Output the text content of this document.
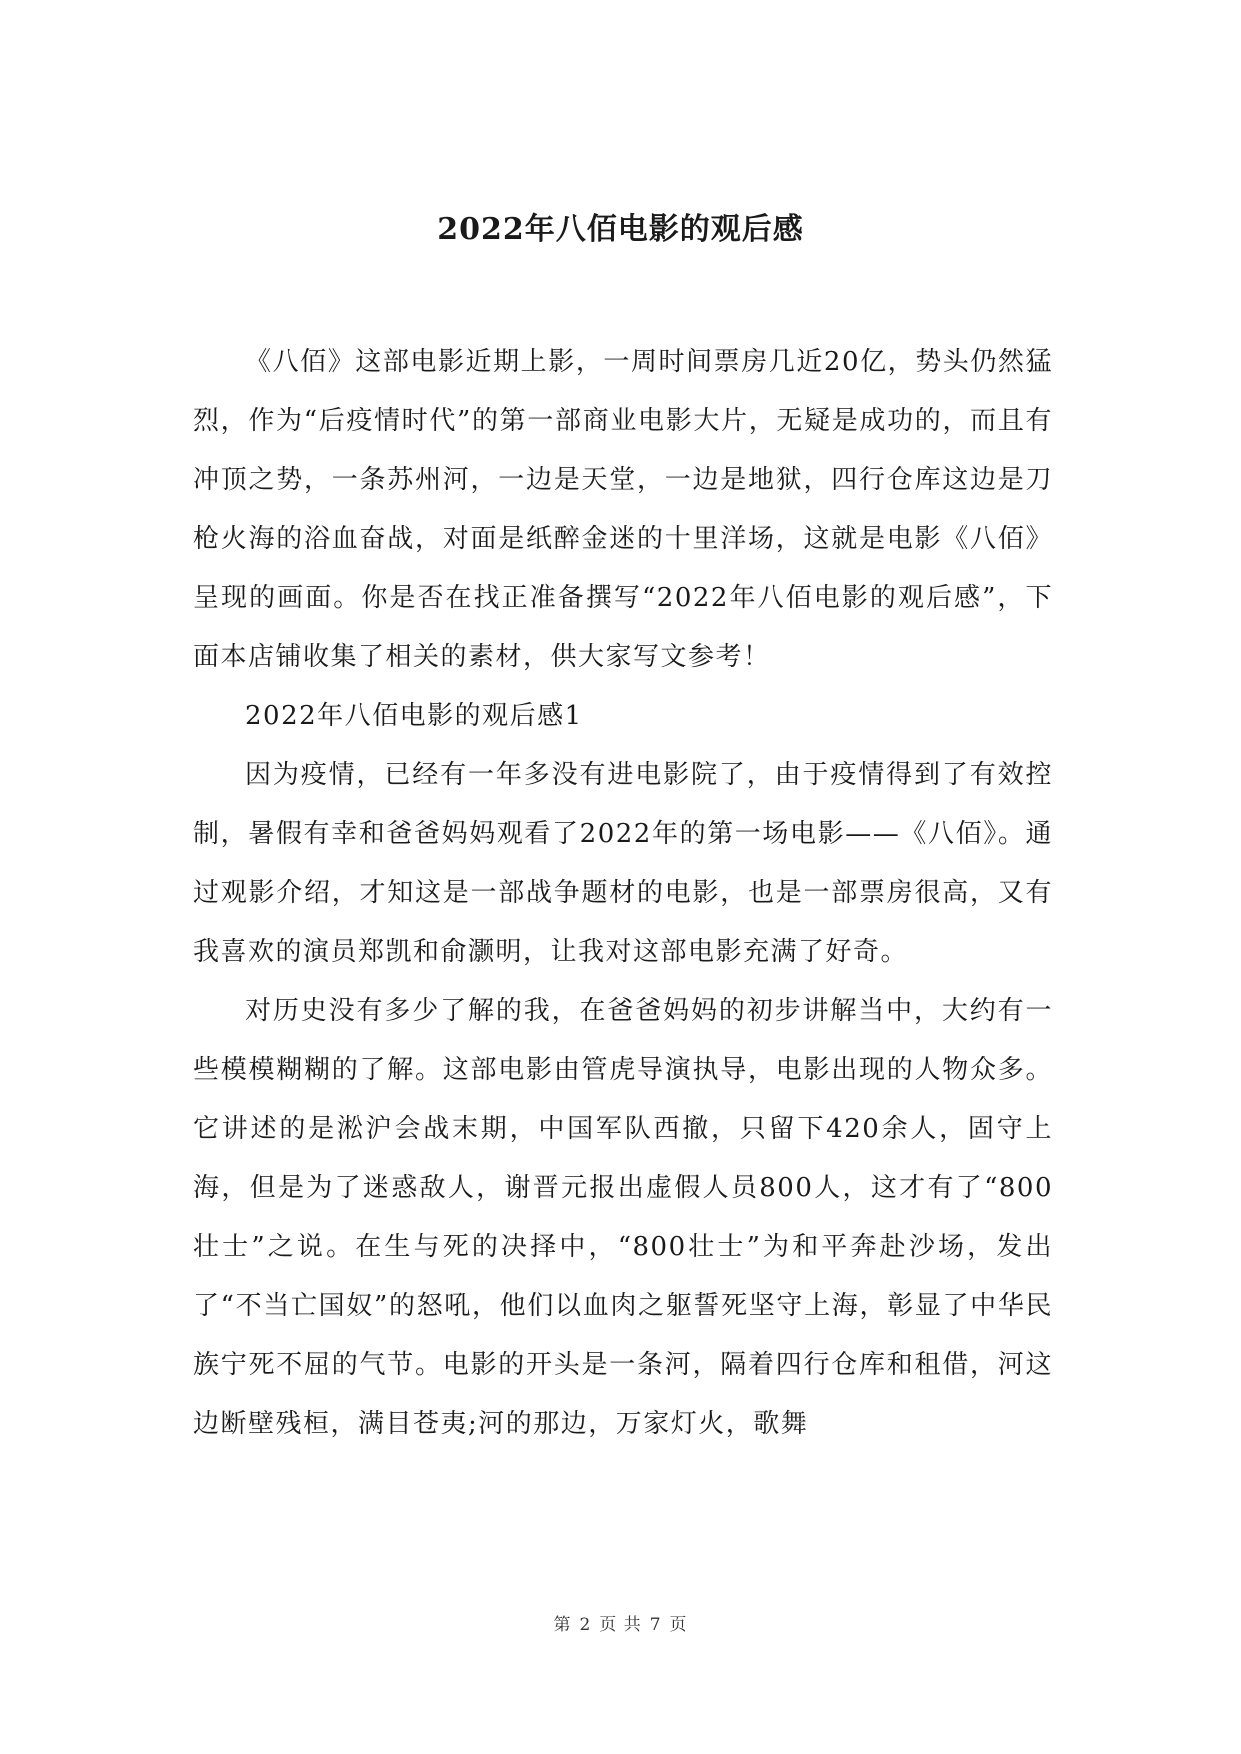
2022年八佰电影的观后感

《八佰》这部电影近期上影，一周时间票房几近20亿，势头仍然猛烈，作为“后疫情时代”的第一部商业电影大片，无疑是成功的，而且有冲顶之势，一条苏州河，一边是天堂，一边是地狱，四行仓库这边是刀枪火海的浴血奋战，对面是纸醉金迷的十里洋场，这就是电影《八佰》呈现的画面。你是否在找正准备撰写“2022年八佰电影的观后感”，下面本店铺收集了相关的素材，供大家写文参考！

2022年八佰电影的观后感1

因为疫情，已经有一年多没有进电影院了，由于疫情得到了有效控制，暑假有幸和爸爸妈妈观看了2022年的第一场电影——《八佰》。通过观影介绍，才知这是一部战争题材的电影，也是一部票房很高，又有我喜欢的演员郑凯和俞灏明，让我对这部电影充满了好奇。

对历史没有多少了解的我，在爸爸妈妈的初步讲解当中，大约有一些模模糊糊的了解。这部电影由管虎导演执导，电影出现的人物众多。它讲述的是淞沪会战末期，中国军队西撤，只留下420余人，固守上海，但是为了迷惑敌人，谢晋元报出虚假人员800人，这才有了“800壮士”之说。在生与死的决择中，“800壮士”为和平奔赴沙场，发出了“不当亡国奴”的怒吼，他们以血肉之躯誓死坚守上海，彰显了中华民族宁死不屈的气节。电影的开头是一条河，隔着四行仓库和租借，河这边断壁残桓，满目苍夷;河的那边，万家灯火，歌舞

第 2 页 共 7 页
